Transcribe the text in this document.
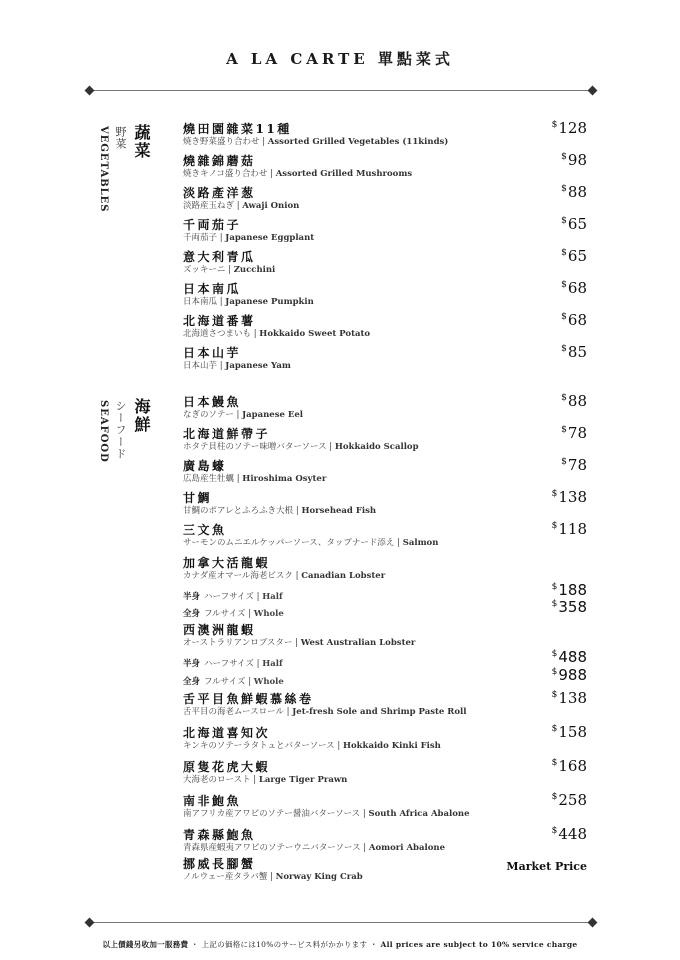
A LA CARTE 單點菜式
蔬菜
野菜
VEGETABLES
海鮮
シーフード
SEAFOOD
燒田園雜菜11種
焼き野菜盛り合わせ | Assorted Grilled Vegetables (11kinds)
$128
燒雜錦蘑菇
焼きキノコ盛り合わせ | Assorted Grilled Mushrooms
$98
淡路產洋葱
淡路産玉ねぎ | Awaji Onion
$88
千両茄子
千両茄子 | Japanese Eggplant
$65
意大利青瓜
ズッキーニ | Zucchini
$65
日本南瓜
日本南瓜 | Japanese Pumpkin
$68
北海道番薯
北海道さつまいも | Hokkaido Sweet Potato
$68
日本山芋
日本山芋 | Japanese Yam
$85
日本鰻魚
なぎのソテー | Japanese Eel
$88
北海道鮮帶子
ホタテ貝柱のソテー味噌バターソース | Hokkaido Scallop
$78
廣島蠔
広島産生牡蠣 | Hiroshima Osyter
$78
甘鯛
甘鯛のポアレとふろふき大根 | Horsehead Fish
$138
三文魚
サーモンのムニエルケッパーソース、タップナード添え | Salmon
$118
加拿大活龍蝦
カナダ産オマール海老ビスク | Canadian Lobster
西澳洲龍蝦
オーストラリアンロブスター | West Australian Lobster
舌平目魚鮮蝦慕絲卷
舌平目の海老ムースロール | Jet-fresh Sole and Shrimp Paste Roll
$138
北海道喜知次
キンキのソテーラタトュとバターソース | Hokkaido Kinki Fish
$158
原隻花虎大蝦
大海老のロースト | Large Tiger Prawn
$168
南非鮑魚
南アフリカ産アワビのソテー醤油バターソース | South Africa Abalone
$258
青森縣鮑魚
青森県産蝦夷アワビのソテーウニバターソース | Aomori Abalone
$448
挪威長腳蟹
ノルウェー産タラバ蟹 | Norway King Crab
Market Price
半身 ハーフサイズ | Half
$188
全身 フルサイズ | Whole
$358
半身 ハーフサイズ | Half
$488
全身 フルサイズ | Whole
$988
以上價錢另收加一服務費 ・ 上記の価格には10%のサービス料がかかります ・ All prices are subject to 10% service charge
